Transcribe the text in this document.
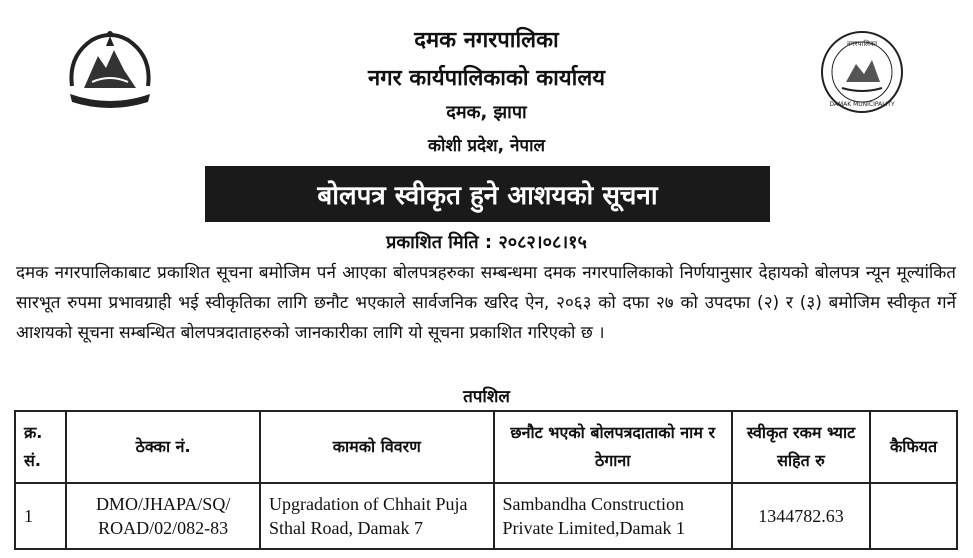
नगरपालिका
DAMAK MUNICIPALITY
दमक नगरपालिका
नगर कार्यपालिकाको कार्यालय
दमक, झापा
कोशी प्रदेश, नेपाल
बोलपत्र स्वीकृत हुने आशयको सूचना
प्रकाशित मिति : २०८२।०८।१५
दमक नगरपालिकाबाट प्रकाशित सूचना बमोजिम पर्न आएका बोलपत्रहरुका सम्बन्धमा दमक नगरपालिकाको निर्णयानुसार देहायको बोलपत्र न्यून मूल्यांकित सारभूत रुपमा प्रभावग्राही भई स्वीकृतिका लागि छनौट भएकाले सार्वजनिक खरिद ऐन, २०६३ को दफा २७ को उपदफा (२) र (३) बमोजिम स्वीकृत गर्ने आशयको सूचना सम्बन्धित बोलपत्रदाताहरुको जानकारीका लागि यो सूचना प्रकाशित गरिएको छ ।
तपशिल
क्र. सं.	ठेक्का नं.	कामको विवरण	छनौट भएको बोलपत्रदाताको नाम र ठेगाना	स्वीकृत रकम भ्याट सहित रु	कैफियत
1	DMO/JHAPA/SQ/ ROAD/02/082-83	Upgradation of Chhait Puja Sthal Road, Damak 7	Sambandha Construction Private Limited,Damak 1	1344782.63	
